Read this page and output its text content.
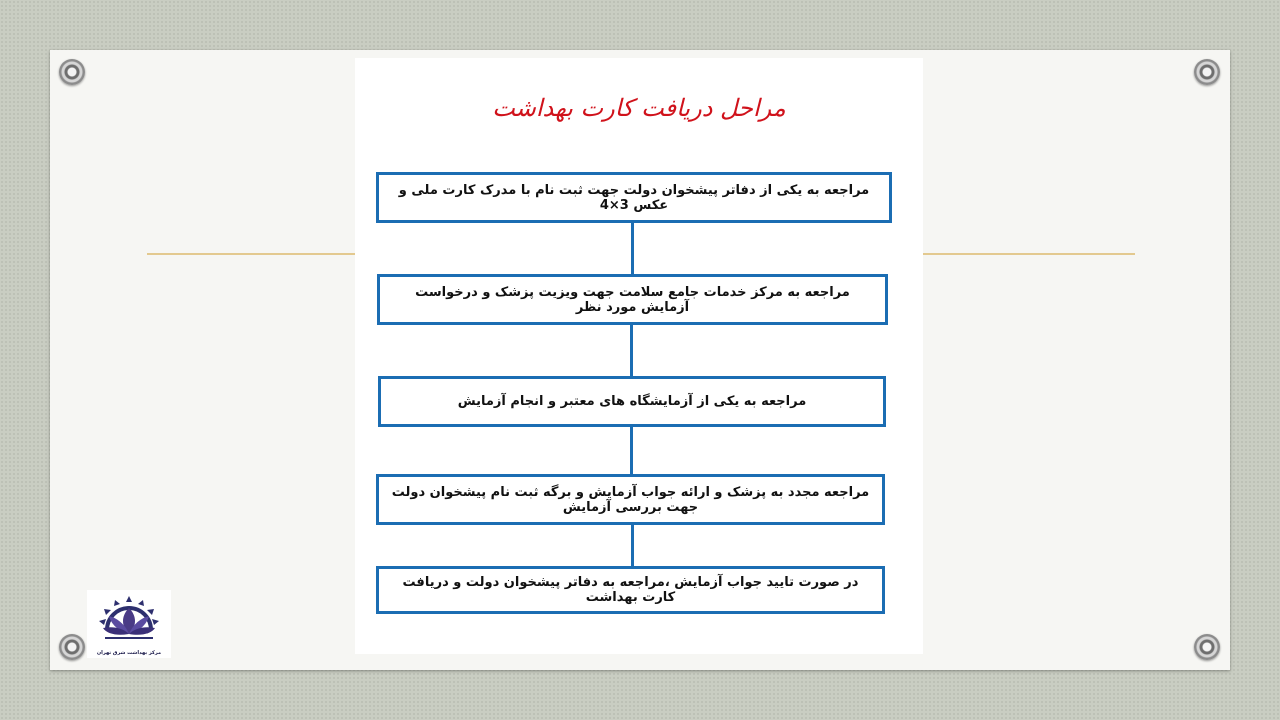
مراحل دریافت کارت بهداشت
مراجعه به یکی از دفاتر پیشخوان دولت جهت ثبت نام با مدرک کارت ملی و عکس 3×4
مراجعه به مرکز خدمات جامع سلامت جهت ویزیت پزشک و درخواست آزمایش مورد نظر
مراجعه به یکی از آزمایشگاه های معتبر و انجام آزمایش
مراجعه مجدد به پزشک و ارائه جواب آزمایش و برگه ثبت نام پیشخوان دولت جهت بررسی آزمایش
در صورت تایید جواب آزمایش ،مراجعه به دفاتر پیشخوان دولت و دریافت کارت بهداشت
مرکز بهداشت شرق تهران
